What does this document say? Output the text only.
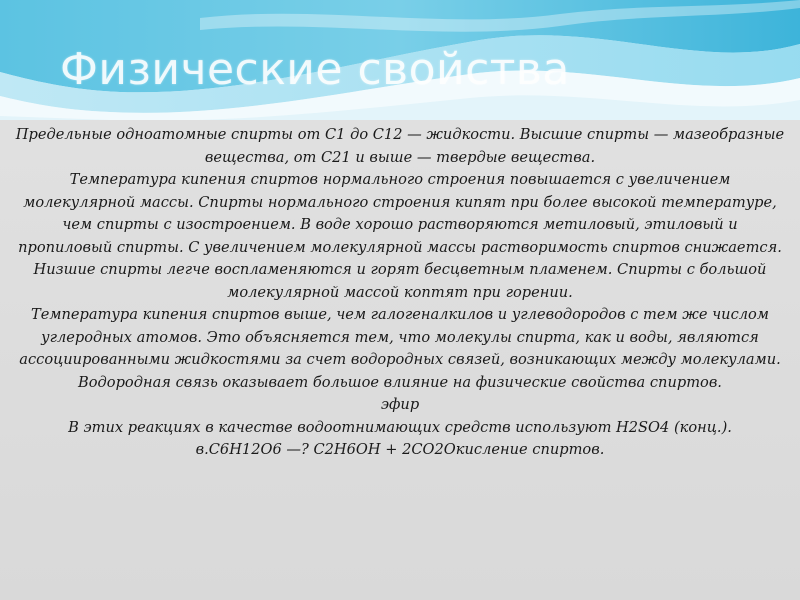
Физические свойства

Предельные одноатомные спирты от С1 до С12 — жидкости. Высшие спирты — мазеобразные вещества, от С21 и выше — твердые вещества.

Температура кипения спиртов нормального строения повышается с увеличением молекулярной массы. Спирты нормального строения кипят при более высокой температуре, чем спирты с изостроением. В воде хорошо растворяются метиловый, этиловый и пропиловый спирты. С увеличением молекулярной массы растворимость спиртов снижается. Низшие спирты легче воспламеняются и горят бесцветным пламенем. Спирты с большой молекулярной массой коптят при горении.

Температура кипения спиртов выше, чем галогеналкилов и углеводородов с тем же числом углеродных атомов. Это объясняется тем, что молекулы спирта, как и воды, являются ассоциированными жидкостями за счет водородных связей, возникающих между молекулами.

Водородная связь оказывает большое влияние на физические свойства спиртов.

эфир

В этих реакциях в качестве водоотнимающих средств используют H2SO4 (конц.).

в.C6H12O6 —? C2H6OH + 2CO2Окисление спиртов.
